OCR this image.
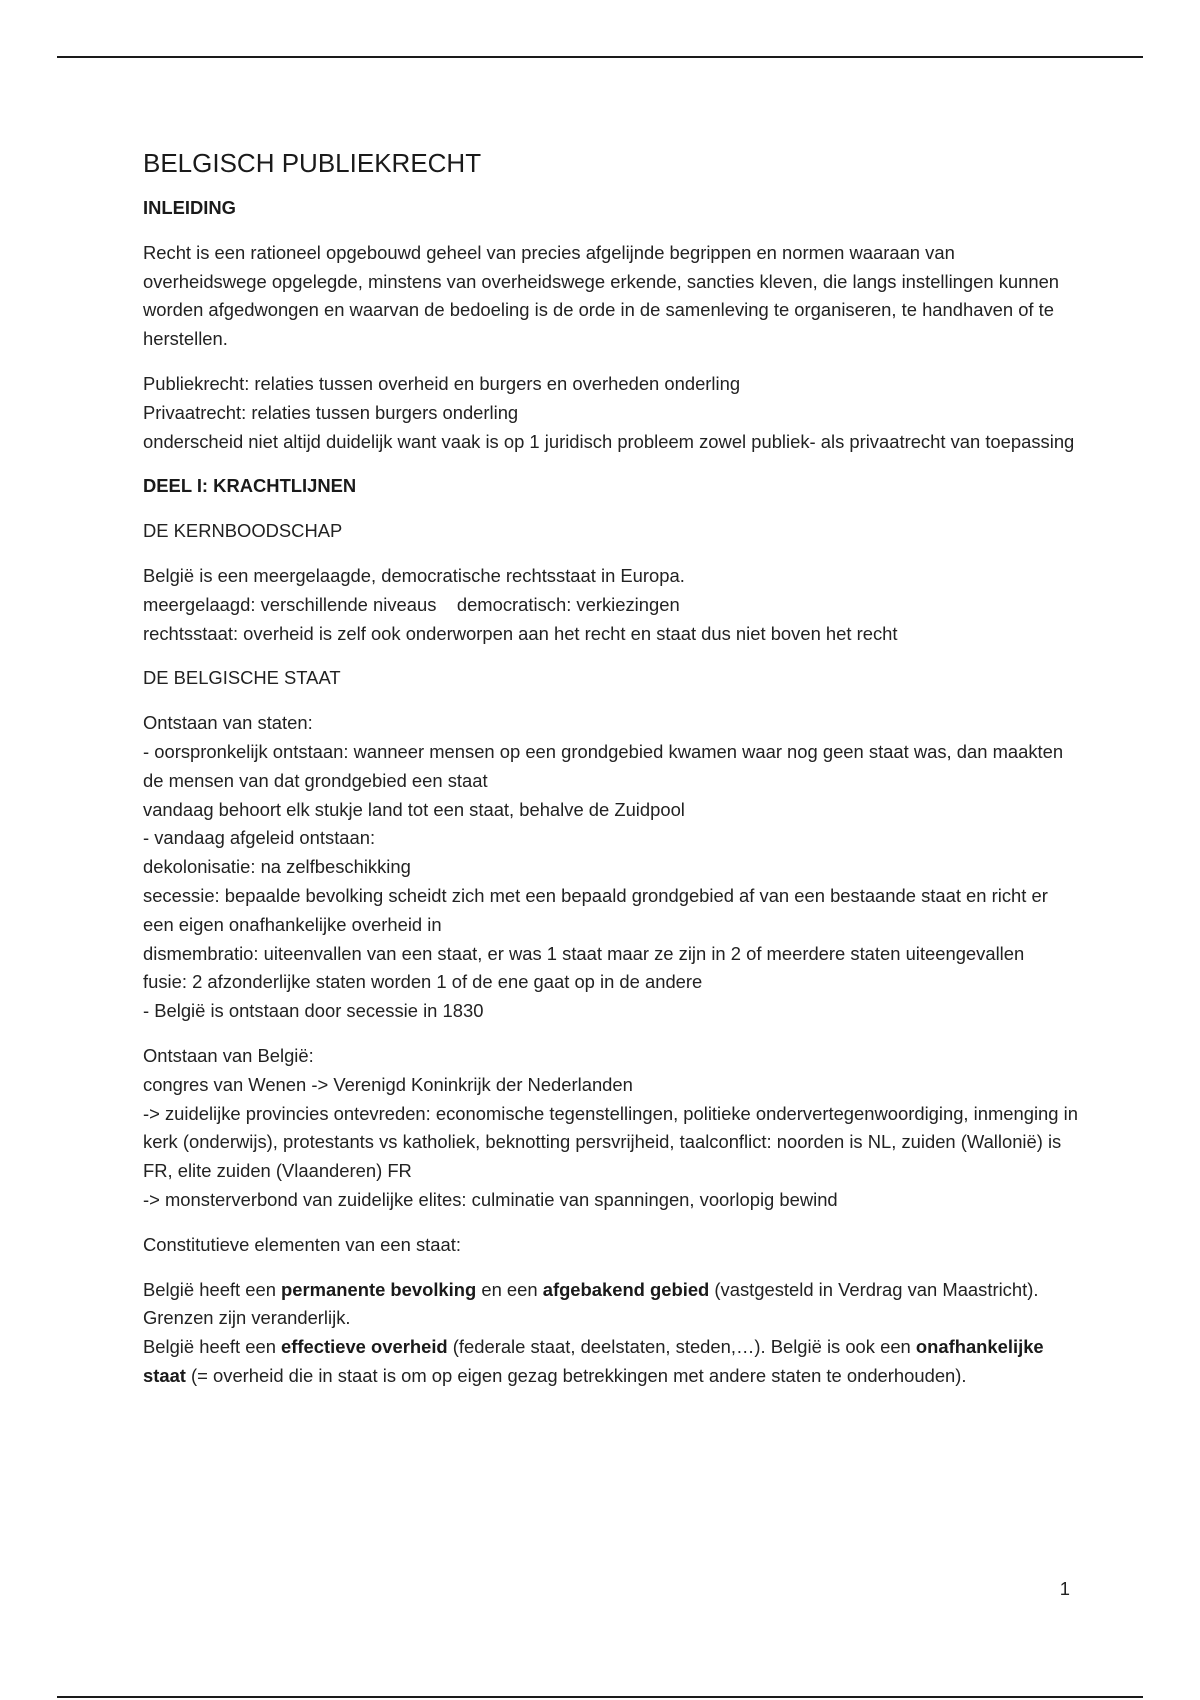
BELGISCH PUBLIEKRECHT
INLEIDING

Recht is een rationeel opgebouwd geheel van precies afgelijnde begrippen en normen waaraan van overheidswege opgelegde, minstens van overheidswege erkende, sancties kleven, die langs instellingen kunnen worden afgedwongen en waarvan de bedoeling is de orde in de samenleving te organiseren, te handhaven of te herstellen.

Publiekrecht: relaties tussen overheid en burgers en overheden onderling
Privaatrecht: relaties tussen burgers onderling
onderscheid niet altijd duidelijk want vaak is op 1 juridisch probleem zowel publiek- als privaatrecht van toepassing

DEEL I: KRACHTLIJNEN
DE KERNBOODSCHAP

België is een meergelaagde, democratische rechtsstaat in Europa.
meergelaagd: verschillende niveaus    democratisch: verkiezingen
rechtsstaat: overheid is zelf ook onderworpen aan het recht en staat dus niet boven het recht

DE BELGISCHE STAAT

Ontstaan van staten:
- oorspronkelijk ontstaan: wanneer mensen op een grondgebied kwamen waar nog geen staat was, dan maakten de mensen van dat grondgebied een staat
vandaag behoort elk stukje land tot een staat, behalve de Zuidpool
- vandaag afgeleid ontstaan:
dekolonisatie: na zelfbeschikking
secessie: bepaalde bevolking scheidt zich met een bepaald grondgebied af van een bestaande staat en richt er een eigen onafhankelijke overheid in
dismembratio: uiteenvallen van een staat, er was 1 staat maar ze zijn in 2 of meerdere staten uiteengevallen
fusie: 2 afzonderlijke staten worden 1 of de ene gaat op in de andere
- België is ontstaan door secessie in 1830

Ontstaan van België:
congres van Wenen -> Verenigd Koninkrijk der Nederlanden
-> zuidelijke provincies ontevreden: economische tegenstellingen, politieke ondervertegenwoordiging, inmenging in kerk (onderwijs), protestants vs katholiek, beknotting persvrijheid, taalconflict: noorden is NL, zuiden (Wallonië) is FR, elite zuiden (Vlaanderen) FR
-> monsterverbond van zuidelijke elites: culminatie van spanningen, voorlopig bewind

Constitutieve elementen van een staat:

België heeft een permanente bevolking en een afgebakend gebied (vastgesteld in Verdrag van Maastricht). Grenzen zijn veranderlijk.
België heeft een effectieve overheid (federale staat, deelstaten, steden,…). België is ook een onafhankelijke staat (= overheid die in staat is om op eigen gezag betrekkingen met andere staten te onderhouden).

1
